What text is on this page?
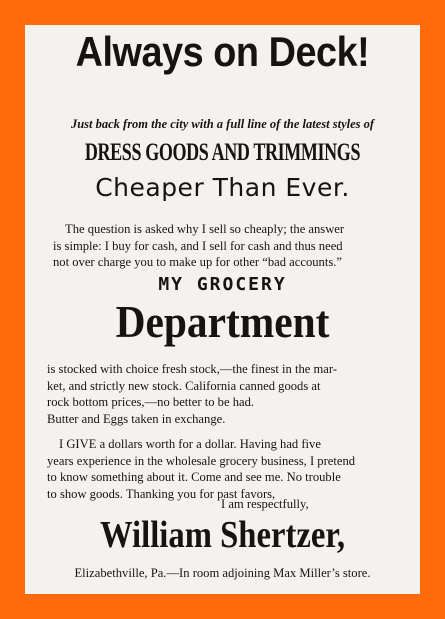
Always on Deck!
Just back from the city with a full line of the latest styles of
DRESS GOODS AND TRIMMINGS
Cheaper Than Ever.
The question is asked why I sell so cheaply; the answer
is simple: I buy for cash, and I sell for cash and thus need
not over charge you to make up for other “bad accounts.”
MY GROCERY
Department
is stocked with choice fresh stock,—the finest in the mar-
ket, and strictly new stock. California canned goods at
rock bottom prices,—no better to be had.
Butter and Eggs taken in exchange.
I GIVE a dollars worth for a dollar. Having had five
years experience in the wholesale grocery business, I pretend
to know something about it. Come and see me. No trouble
to show goods. Thanking you for past favors,
I am respectfully,
William Shertzer,
Elizabethville, Pa.—In room adjoining Max Miller’s store.
